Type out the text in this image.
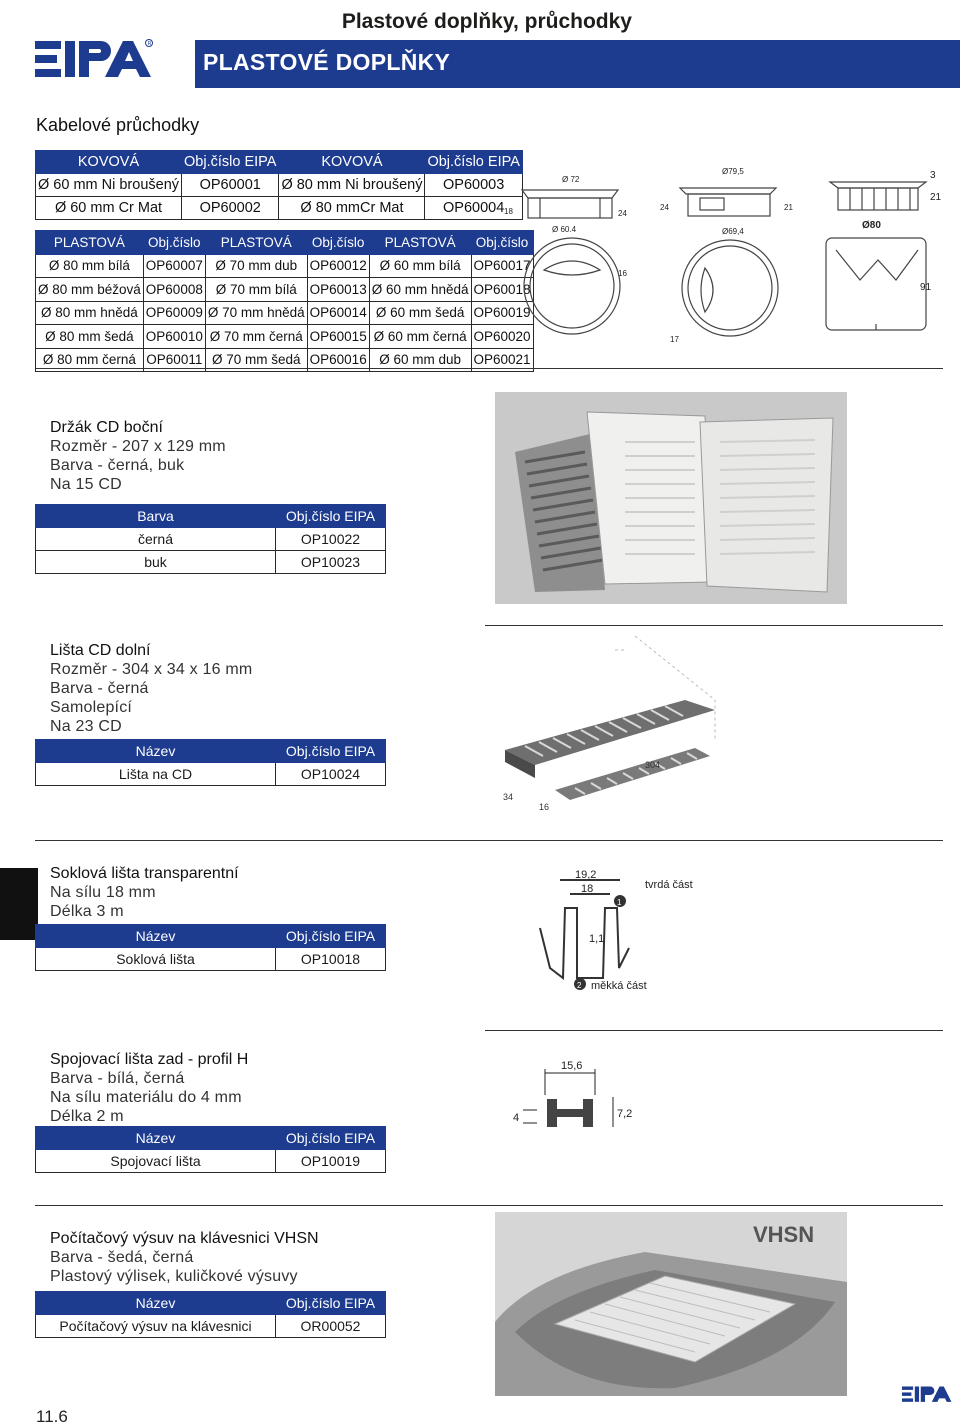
R
Plastové doplňky, průchodky
PLASTOVÉ DOPLŇKY
Kabelové průchodky
KOVOVÁ	Obj.číslo EIPA	KOVOVÁ	Obj.číslo EIPA
Ø 60 mm Ni broušený	OP60001	Ø 80 mm Ni broušený	OP60003
Ø 60 mm Cr Mat	OP60002	Ø 80 mmCr Mat	OP60004
PLASTOVÁ	Obj.číslo	PLASTOVÁ	Obj.číslo	PLASTOVÁ	Obj.číslo
Ø 80 mm bílá	OP60007	Ø 70 mm dub	OP60012	Ø 60 mm bílá	OP60017
Ø 80 mm béžová	OP60008	Ø 70 mm bílá	OP60013	Ø 60 mm hnědá	OP60018
Ø 80 mm hnědá	OP60009	Ø 70 mm hnědá	OP60014	Ø 60 mm šedá	OP60019
Ø 80 mm šedá	OP60010	Ø 70 mm černá	OP60015	Ø 60 mm černá	OP60020
Ø 80 mm černá	OP60011	Ø 70 mm šedá	OP60016	Ø 60 mm dub	OP60021
Ø 72
Ø 60.4
18	24
16
Ø79,5
Ø69,4
24	21
17
3
21
Ø80
91
Držák CD boční
Rozměr - 207 x 129 mm
Barva - černá, buk
Na 15 CD
Barva	Obj.číslo EIPA
černá	OP10022
buk	OP10023
Lišta CD dolní
Rozměr - 304 x 34 x 16 mm
Barva - černá
Samolepící
Na 23 CD
Název	Obj.číslo EIPA
Lišta na CD	OP10024
304
34
16
Soklová lišta transparentní
Na sílu 18 mm
Délka 3 m
Název	Obj.číslo EIPA
Soklová lišta	OP10018
19,2
18
1,1
1
2
tvrdá část
měkká část
Spojovací lišta zad - profil H
Barva - bílá, černá
Na sílu materiálu do 4 mm
Délka 2 m
Název	Obj.číslo EIPA
Spojovací lišta	OP10019
15,6
4	7,2
Počítačový výsuv na klávesnici VHSN
Barva - šedá, černá
Plastový výlisek, kuličkové výsuvy
Název	Obj.číslo EIPA
Počítačový výsuv na klávesnici	OR00052
VHSN
11.6
